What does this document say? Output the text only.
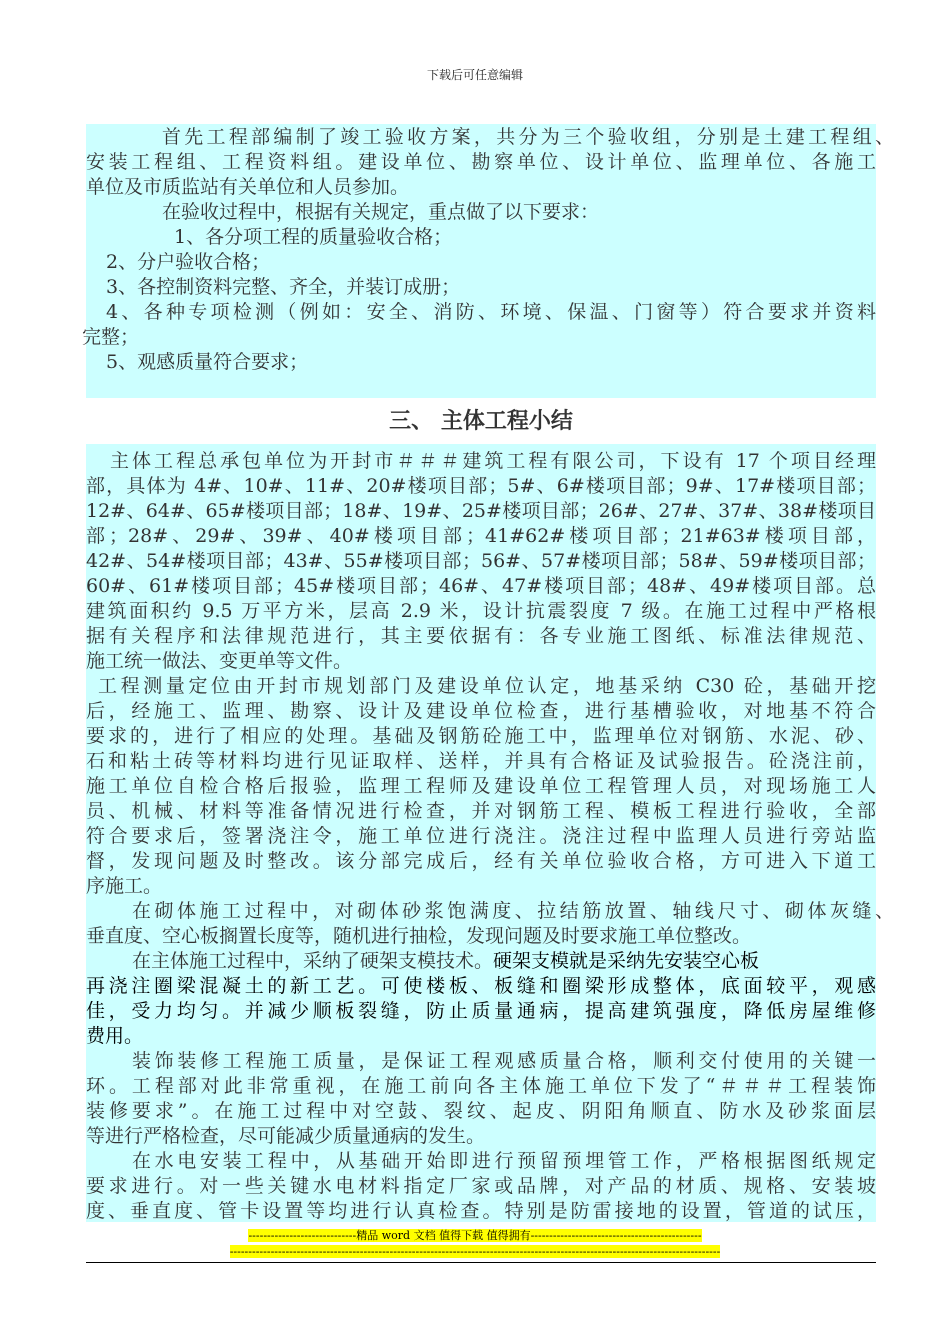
下载后可任意编辑
首先工程部编制了竣工验收方案，共分为三个验收组，分别是土建工程组、
安装工程组、工程资料组。建设单位、勘察单位、设计单位、监理单位、各施工
单位及市质监站有关单位和人员参加。
在验收过程中，根据有关规定，重点做了以下要求：
1、各分项工程的质量验收合格；
2、分户验收合格；
3、各控制资料完整、齐全，并装订成册；
4、各种专项检测（例如：安全、消防、环境、保温、门窗等）符合要求并资料
完整；
5、观感质量符合要求；
三、 主体工程小结
主体工程总承包单位为开封市＃＃＃建筑工程有限公司，下设有 17 个项目经理
部，具体为 4#、10#、11#、20#楼项目部；5#、6#楼项目部；9#、17#楼项目部；
12#、64#、65#楼项目部；18#、19#、25#楼项目部；26#、27#、37#、38#楼项目
部；28#、29#、39#、40#楼项目部；41#62#楼项目部；21#63#楼项目部，
42#、54#楼项目部；43#、55#楼项目部；56#、57#楼项目部；58#、59#楼项目部；
60#、61#楼项目部；45#楼项目部；46#、47#楼项目部；48#、49#楼项目部。总
建筑面积约 9.5 万平方米，层高 2.9 米，设计抗震裂度 7 级。在施工过程中严格根
据有关程序和法律规范进行，其主要依据有：各专业施工图纸、标准法律规范、
施工统一做法、变更单等文件。
工程测量定位由开封市规划部门及建设单位认定，地基采纳 C30 砼，基础开挖
后，经施工、监理、勘察、设计及建设单位检查，进行基槽验收，对地基不符合
要求的，进行了相应的处理。基础及钢筋砼施工中，监理单位对钢筋、水泥、砂、
石和粘土砖等材料均进行见证取样、送样，并具有合格证及试验报告。砼浇注前，
施工单位自检合格后报验，监理工程师及建设单位工程管理人员，对现场施工人
员、机械、材料等准备情况进行检查，并对钢筋工程、模板工程进行验收，全部
符合要求后，签署浇注令，施工单位进行浇注。浇注过程中监理人员进行旁站监
督，发现问题及时整改。该分部完成后，经有关单位验收合格，方可进入下道工
序施工。
在砌体施工过程中，对砌体砂浆饱满度、拉结筋放置、轴线尺寸、砌体灰缝、
垂直度、空心板搁置长度等，随机进行抽检，发现问题及时要求施工单位整改。
在主体施工过程中，采纳了硬架支模技术。硬架支模就是采纳先安装空心板
再浇注圈梁混凝土的新工艺。可使楼板、板缝和圈梁形成整体，底面较平，观感
佳，受力均匀。并减少顺板裂缝，防止质量通病，提高建筑强度，降低房屋维修
费用。
装饰装修工程施工质量，是保证工程观感质量合格，顺利交付使用的关键一
环。工程部对此非常重视，在施工前向各主体施工单位下发了“＃＃＃工程装饰
装修要求”。在施工过程中对空鼓、裂纹、起皮、阴阳角顺直、防水及砂浆面层
等进行严格检查，尽可能减少质量通病的发生。
在水电安装工程中，从基础开始即进行预留预埋管工作，严格根据图纸规定
要求进行。对一些关键水电材料指定厂家或品牌，对产品的材质、规格、安装坡
度、垂直度、管卡设置等均进行认真检查。特别是防雷接地的设置，管道的试压，
-----------------------------精品 word 文档 值得下载 值得拥有----------------------------------------------
------------------------------------------------------------------------------------------------------------------------------------
